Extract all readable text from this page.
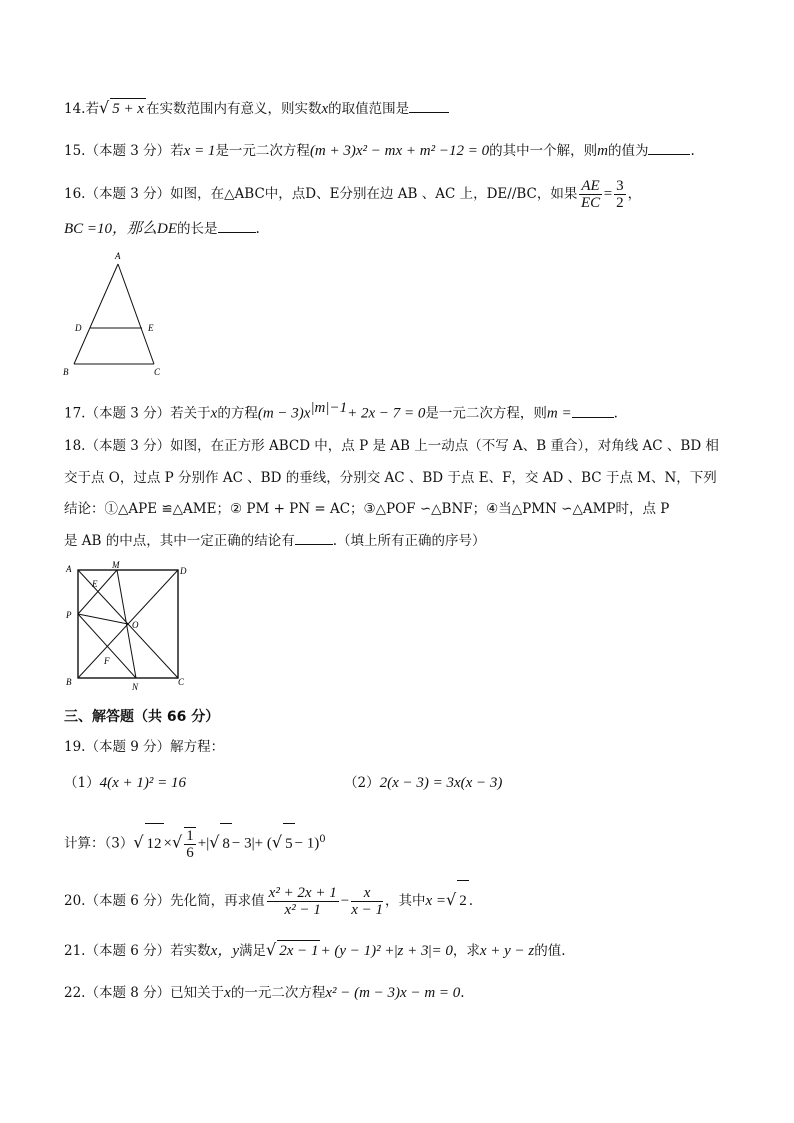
14.若√ 5 + x 在实数范围内有意义，则实数x的取值范围是
15.（本题 3 分）若x = 1是一元二次方程(m + 3)x² − mx + m² −12 = 0的其中一个解，则m的值为	.
16.（本题 3 分）如图，在△ABC中，点D、E分别在边 AB 、AC 上，DE//BC，如果 $\frac{AE}{EC} = \frac{3}{2}$ ，
BC =10，那么DE的长是	.
A
D	E
B	C
17.（本题 3 分）若关于x的方程$(m - 3)x^{|m|-1}+ 2x - 7 = 0$是一元二次方程，则m =	.
18.（本题 3 分）如图，在正方形 ABCD 中，点 P 是 AB 上一动点（不写 A、B 重合），对角线 AC 、BD 相
交于点 O，过点 P 分别作 AC 、BD 的垂线，分别交 AC 、BD 于点 E、F，交 AD 、BC 于点 M、N，下列
结论：①△APE ≌△AME；② PM + PN = AC；③△POF ∽△BNF；④当△PMN ∽△AMP时，点 P
是 AB 的中点，其中一定正确的结论有	.（填上所有正确的序号）
A	M
D
E
P
O
F
B	N	C
三、解答题（共 66 分）
19.（本题 9 分）解方程：
（1）4(x + 1)² = 16	（2）2(x − 3) = 3x(x − 3)
计算：（3）√ 12 ×√ $\frac{1}{6}$ +|√ 8 − 3|+ (√ 5 − 1)$^0$
20.（本题 6 分）先化简，再求值 $\frac{\text{x² + 2x + 1}}{\text{x² − 1}} - \frac{x}{x - 1}$ ，其中x =√ 2 .
21.（本题 6 分）若实数x，y满足√ 2x − 1 + (y − 1)² +|z + 3|= 0，求x + y − z的值.
22.（本题 8 分）已知关于x的一元二次方程x² − (m − 3)x − m = 0.
